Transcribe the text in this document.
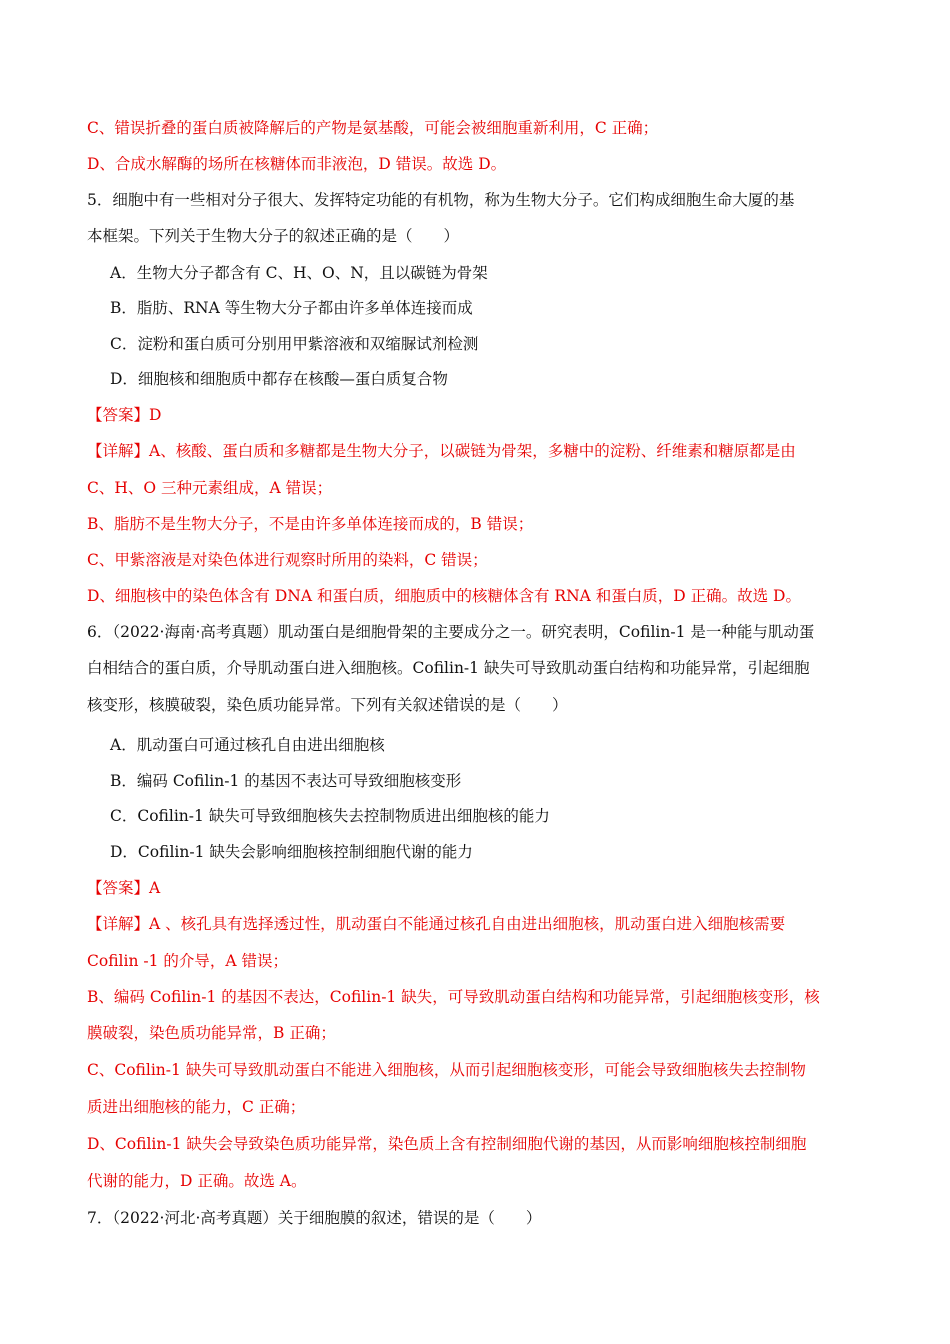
C、错误折叠的蛋白质被降解后的产物是氨基酸，可能会被细胞重新利用，C 正确；
D、合成水解酶的场所在核糖体而非液泡，D 错误。故选 D。
5．细胞中有一些相对分子很大、发挥特定功能的有机物，称为生物大分子。它们构成细胞生命大厦的基
本框架。下列关于生物大分子的叙述正确的是（　　）
A．生物大分子都含有 C、H、O、N，且以碳链为骨架
B．脂肪、RNA 等生物大分子都由许多单体连接而成
C．淀粉和蛋白质可分别用甲紫溶液和双缩脲试剂检测
D．细胞核和细胞质中都存在核酸—蛋白质复合物
【答案】D
【详解】A、核酸、蛋白质和多糖都是生物大分子，以碳链为骨架，多糖中的淀粉、纤维素和糖原都是由
C、H、O 三种元素组成，A 错误；
B、脂肪不是生物大分子，不是由许多单体连接而成的，B 错误；
C、甲紫溶液是对染色体进行观察时所用的染料，C 错误；
D、细胞核中的染色体含有 DNA 和蛋白质，细胞质中的核糖体含有 RNA 和蛋白质，D 正确。故选 D。
6．（2022·海南·高考真题）肌动蛋白是细胞骨架的主要成分之一。研究表明，Cofilin-1 是一种能与肌动蛋
白相结合的蛋白质，介导肌动蛋白进入细胞核。Cofilin-1 缺失可导致肌动蛋白结构和功能异常，引起细胞
核变形，核膜破裂，染色质功能异常。下列有关叙述· · 错误的是（　　）
A．肌动蛋白可通过核孔自由进出细胞核
B．编码 Cofilin-1 的基因不表达可导致细胞核变形
C．Cofilin-1 缺失可导致细胞核失去控制物质进出细胞核的能力
D．Cofilin-1 缺失会影响细胞核控制细胞代谢的能力
【答案】A
【详解】A 、核孔具有选择透过性，肌动蛋白不能通过核孔自由进出细胞核，肌动蛋白进入细胞核需要
Cofilin -1 的介导，A 错误；
B、编码 Cofilin-1 的基因不表达，Cofilin-1 缺失，可导致肌动蛋白结构和功能异常，引起细胞核变形，核
膜破裂，染色质功能异常，B 正确；
C、Cofilin-1 缺失可导致肌动蛋白不能进入细胞核，从而引起细胞核变形，可能会导致细胞核失去控制物
质进出细胞核的能力，C 正确；
D、Cofilin-1 缺失会导致染色质功能异常，染色质上含有控制细胞代谢的基因，从而影响细胞核控制细胞
代谢的能力，D 正确。故选 A。
7．（2022·河北·高考真题）关于细胞膜的叙述，错误的是（　　）
